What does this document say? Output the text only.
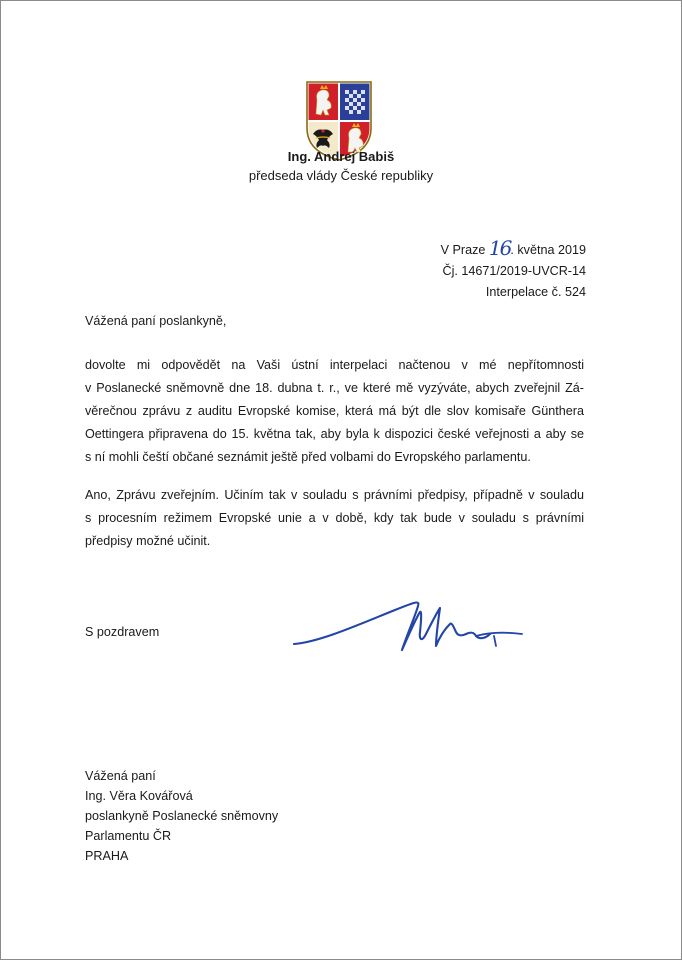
Ing. Andrej Babiš
předseda vlády České republiky
V Praze 16. května 2019
Čj. 14671/2019-UVCR-14
Interpelace č. 524
Vážená paní poslankyně,
dovolte mi odpovědět na Vaši ústní interpelaci načtenou v mé nepřítomnosti
v Poslanecké sněmovně dne 18. dubna t. r., ve které mě vyzýváte, abych zveřejnil Zá-
věrečnou zprávu z auditu Evropské komise, která má být dle slov komisaře Günthera
Oettingera připravena do 15. května tak, aby byla k dispozici české veřejnosti a aby se
s ní mohli čeští občané seznámit ještě před volbami do Evropského parlamentu.
Ano, Zprávu zveřejním. Učiním tak v souladu s právními předpisy, případně v souladu
s procesním režimem Evropské unie a v době, kdy tak bude v souladu s právními
předpisy možné učinit.
S pozdravem
Vážená paní
Ing. Věra Kovářová
poslankyně Poslanecké sněmovny
Parlamentu ČR
PRAHA
